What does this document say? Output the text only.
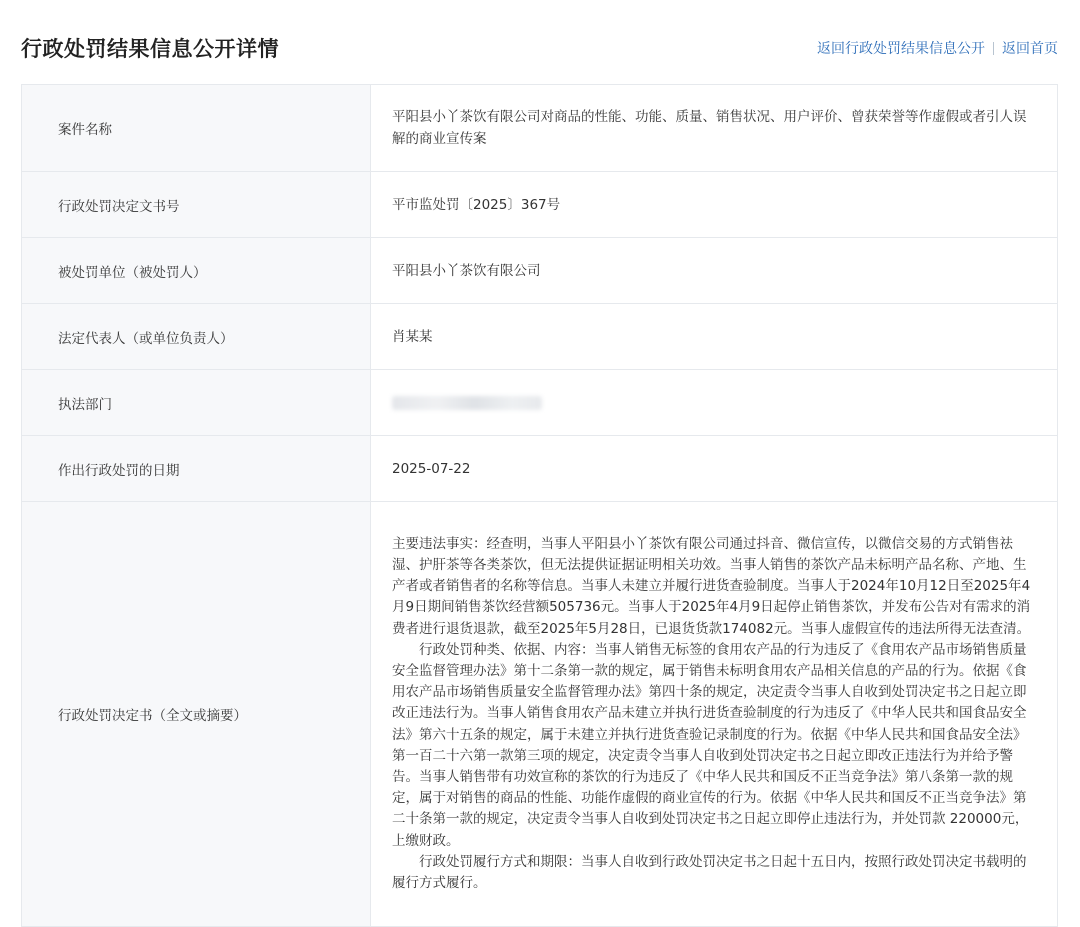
行政处罚结果信息公开详情	返回行政处罚结果信息公开 返回首页
案件名称	平阳县小丫茶饮有限公司对商品的性能、功能、质量、销售状况、用户评价、曾获荣誉等作虚假或者引人误解的商业宣传案
行政处罚决定文书号	平市监处罚〔2025〕367号
被处罚单位（被处罚人）	平阳县小丫茶饮有限公司
法定代表人（或单位负责人）	肖某某
执法部门	
作出行政处罚的日期	2025-07-22
行政处罚决定书（全文或摘要）	主要违法事实：经查明，当事人平阳县小丫茶饮有限公司通过抖音、微信宣传，以微信交易的方式销售祛湿、护肝茶等各类茶饮，但无法提供证据证明相关功效。当事人销售的茶饮产品未标明产品名称、产地、生产者或者销售者的名称等信息。当事人未建立并履行进货查验制度。当事人于2024年10月12日至2025年4月9日期间销售茶饮经营额505736元。当事人于2025年4月9日起停止销售茶饮，并发布公告对有需求的消费者进行退货退款，截至2025年5月28日，已退货货款174082元。当事人虚假宣传的违法所得无法查清。

行政处罚种类、依据、内容：当事人销售无标签的食用农产品的行为违反了《食用农产品市场销售质量安全监督管理办法》第十二条第一款的规定，属于销售未标明食用农产品相关信息的产品的行为。依据《食用农产品市场销售质量安全监督管理办法》第四十条的规定，决定责令当事人自收到处罚决定书之日起立即改正违法行为。当事人销售食用农产品未建立并执行进货查验制度的行为违反了《中华人民共和国食品安全法》第六十五条的规定，属于未建立并执行进货查验记录制度的行为。依据《中华人民共和国食品安全法》第一百二十六第一款第三项的规定，决定责令当事人自收到处罚决定书之日起立即改正违法行为并给予警告。当事人销售带有功效宣称的茶饮的行为违反了《中华人民共和国反不正当竞争法》第八条第一款的规定，属于对销售的商品的性能、功能作虚假的商业宣传的行为。依据《中华人民共和国反不正当竞争法》第二十条第一款的规定，决定责令当事人自收到处罚决定书之日起立即停止违法行为，并处罚款 220000元，上缴财政。

行政处罚履行方式和期限：当事人自收到行政处罚决定书之日起十五日内，按照行政处罚决定书载明的履行方式履行。
